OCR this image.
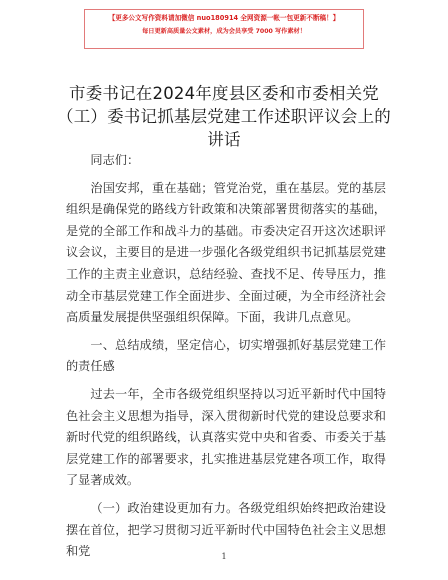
【更多公文写作资料请加微信 nuo180914 全网资源一帐一包更新不断稿！】
每日更新高质量公文素材，成为会员享受 7000 写作素材！
市委书记在2024年度县区委和市委相关党
（工）委书记抓基层党建工作述职评议会上的
讲话

同志们：

治国安邦，重在基础；管党治党，重在基层。党的基层组织是确保党的路线方针政策和决策部署贯彻落实的基础，是党的全部工作和战斗力的基础。市委决定召开这次述职评议会议，主要目的是进一步强化各级党组织书记抓基层党建工作的主责主业意识，总结经验、查找不足、传导压力，推动全市基层党建工作全面进步、全面过硬，为全市经济社会高质量发展提供坚强组织保障。下面，我讲几点意见。

一、总结成绩，坚定信心，切实增强抓好基层党建工作的责任感

过去一年，全市各级党组织坚持以习近平新时代中国特色社会主义思想为指导，深入贯彻新时代党的建设总要求和新时代党的组织路线，认真落实党中央和省委、市委关于基层党建工作的部署要求，扎实推进基层党建各项工作，取得了显著成效。

（一）政治建设更加有力。各级党组织始终把政治建设摆在首位，把学习贯彻习近平新时代中国特色社会主义思想和党	1
